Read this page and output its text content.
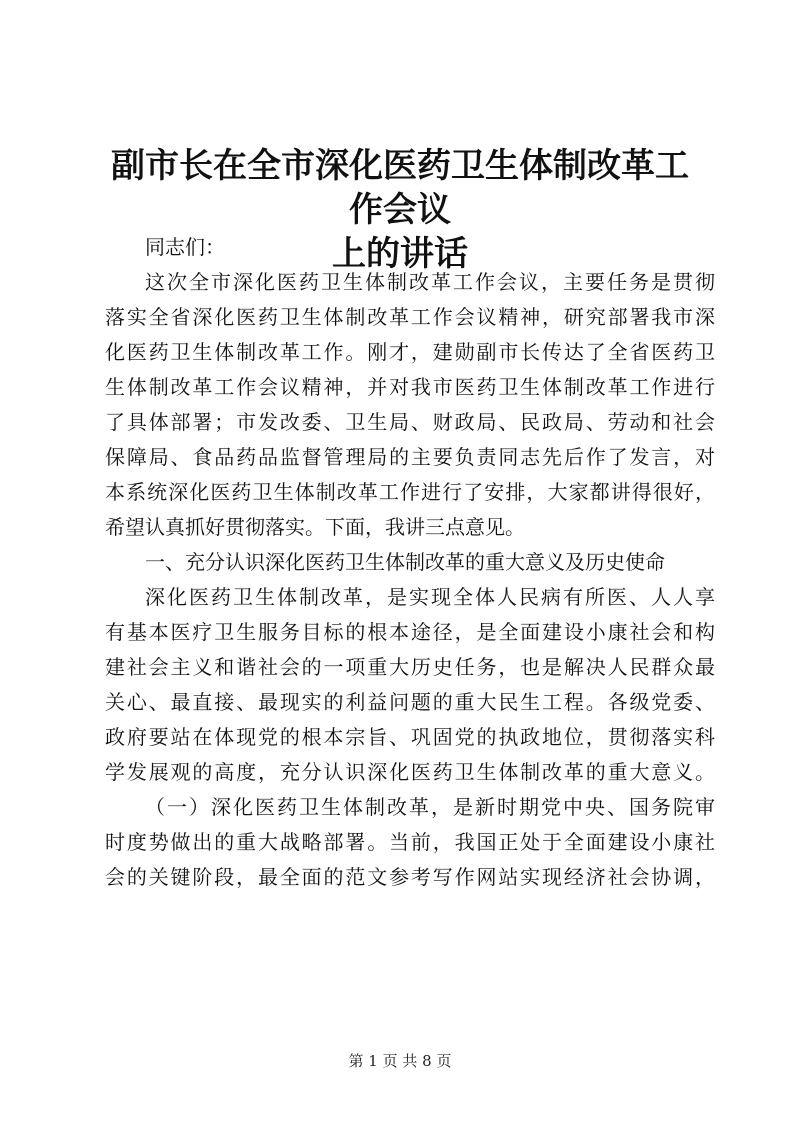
副市长在全市深化医药卫生体制改革工作会议
上的讲话
同志们：
这次全市深化医药卫生体制改革工作会议，主要任务是贯彻
落实全省深化医药卫生体制改革工作会议精神，研究部署我市深
化医药卫生体制改革工作。刚才，建勋副市长传达了全省医药卫
生体制改革工作会议精神，并对我市医药卫生体制改革工作进行
了具体部署；市发改委、卫生局、财政局、民政局、劳动和社会
保障局、食品药品监督管理局的主要负责同志先后作了发言，对
本系统深化医药卫生体制改革工作进行了安排，大家都讲得很好，
希望认真抓好贯彻落实。下面，我讲三点意见。
一、充分认识深化医药卫生体制改革的重大意义及历史使命
深化医药卫生体制改革，是实现全体人民病有所医、人人享
有基本医疗卫生服务目标的根本途径，是全面建设小康社会和构
建社会主义和谐社会的一项重大历史任务，也是解决人民群众最
关心、最直接、最现实的利益问题的重大民生工程。各级党委、
政府要站在体现党的根本宗旨、巩固党的执政地位，贯彻落实科
学发展观的高度，充分认识深化医药卫生体制改革的重大意义。
（一）深化医药卫生体制改革，是新时期党中央、国务院审
时度势做出的重大战略部署。当前，我国正处于全面建设小康社
会的关键阶段，最全面的范文参考写作网站实现经济社会协调，
第 1 页 共 8 页
